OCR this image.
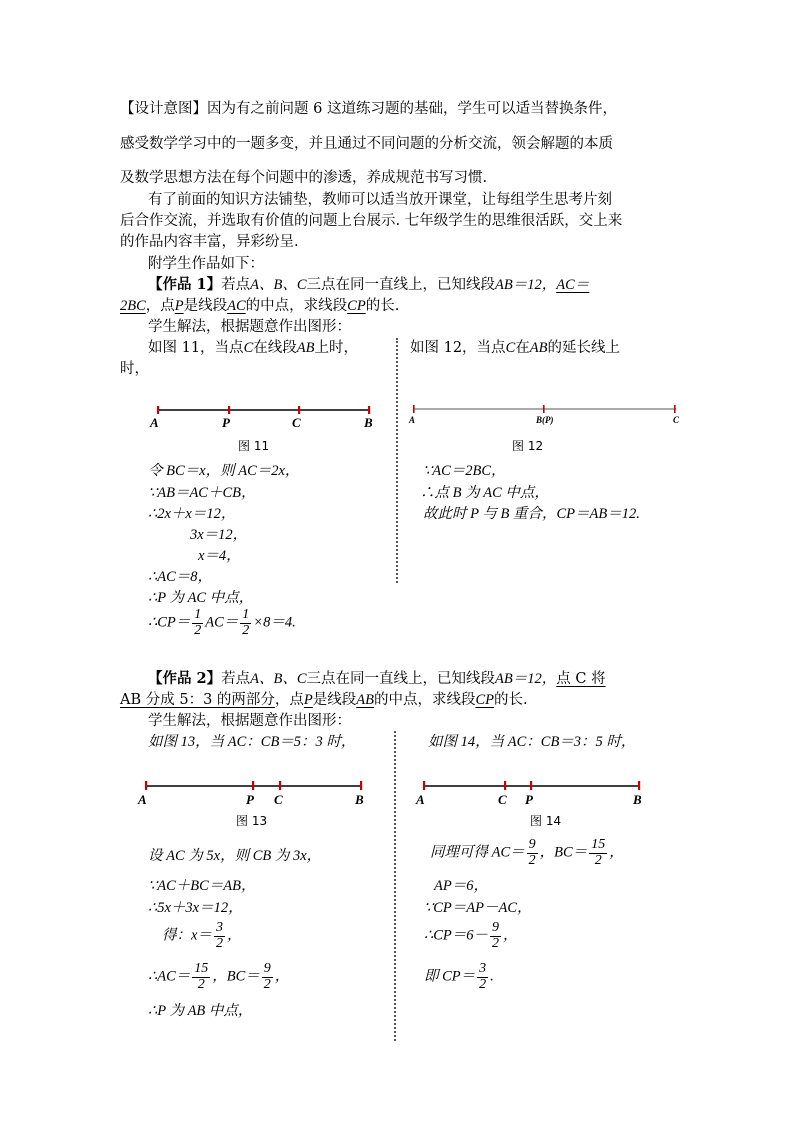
【设计意图】因为有之前问题 6 这道练习题的基础，学生可以适当替换条件，
感受数学学习中的一题多变，并且通过不同问题的分析交流，领会解题的本质
及数学思想方法在每个问题中的渗透，养成规范书写习惯.
有了前面的知识方法铺垫，教师可以适当放开课堂，让每组学生思考片刻
后合作交流，并选取有价值的问题上台展示. 七年级学生的思维很活跃，交上来
的作品内容丰富，异彩纷呈.
附学生作品如下：
【作品 1】若点A、B、C三点在同一直线上，已知线段AB＝12，AC＝
2BC，点P是线段AC的中点，求线段CP的长.
学生解法，根据题意作出图形：
如图 11，当点C在线段AB上时，
时，
如图 12，当点C在AB的延长线上
A	P	C	B
图 11
A	B(P)	C
图 12
令 BC＝x，则 AC＝2x，
∵AB＝AC＋CB，
∴2x＋x＝12，
3x＝12，
x＝4，
∴AC＝8，
∴P 为 AC 中点，
∴CP＝ $\frac{1}{2} AC= \frac{1}{2} \times 8=4$.
∵AC＝2BC，
∴点 B 为 AC 中点，
故此时 P 与 B 重合，CP＝AB＝12.
【作品 2】若点A、B、C三点在同一直线上，已知线段AB＝12，点 C 将
AB 分成 5：3 的两部分，点P是线段AB的中点，求线段CP的长.
学生解法，根据题意作出图形：
如图 13，当 AC：CB＝5：3 时，	如图 14，当 AC：CB＝3：5 时，
A	P C	B
图 13
A	C P	B
图 14
设 AC 为 5x，则 CB 为 3x，
∵AC＋BC＝AB，
∴5x＋3x＝12，
得：$x= \frac{3}{2}$ ，
∴AC＝ $\frac{15}{2}$ ，$BC= \frac{9}{2}$ ，
∴P 为 AB 中点，
同理可得 $AC= \frac{9}{2}$ ，$BC= \frac{15}{2}$ ，
AP＝6，
∵CP＝AP－AC，
∴CP＝6－ $\frac{9}{2}$ ，
即 $CP= \frac{3}{2}$ .
